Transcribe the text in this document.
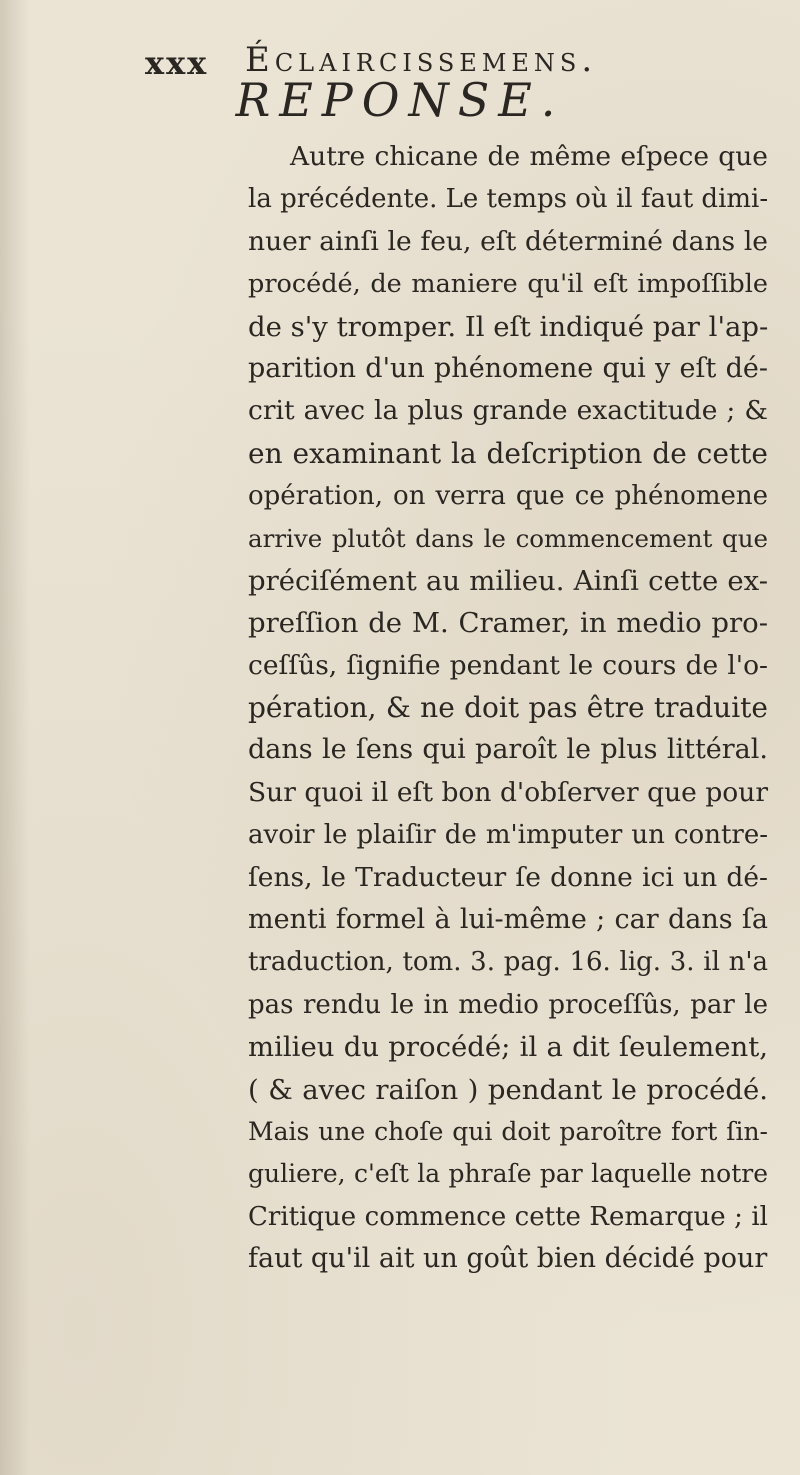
xxx Éclaircissemens.
REPONSE.
Autre chicane de même eſpece que
la précédente. Le temps où il faut dimi-
nuer ainſi le feu, eſt déterminé dans le
procédé, de maniere qu'il eſt impoſſible
de s'y tromper. Il eſt indiqué par l'ap-
parition d'un phénomene qui y eſt dé-
crit avec la plus grande exactitude ; &
en examinant la deſcription de cette
opération, on verra que ce phénomene
arrive plutôt dans le commencement que
préciſément au milieu. Ainſi cette ex-
preſſion de M. Cramer, in medio pro-
ceſſûs, ſignifie pendant le cours de l'o-
pération, & ne doit pas être traduite
dans le ſens qui paroît le plus littéral.
Sur quoi il eſt bon d'obſerver que pour
avoir le plaiſir de m'imputer un contre-
ſens, le Traducteur ſe donne ici un dé-
menti formel à lui-même ; car dans ſa
traduction, tom. 3. pag. 16. lig. 3. il n'a
pas rendu le in medio proceſſûs, par le
milieu du procédé; il a dit ſeulement,
( & avec raiſon ) pendant le procédé.
Mais une choſe qui doit paroître fort ſin-
guliere, c'eſt la phraſe par laquelle notre
Critique commence cette Remarque ; il
faut qu'il ait un goût bien décidé pour
